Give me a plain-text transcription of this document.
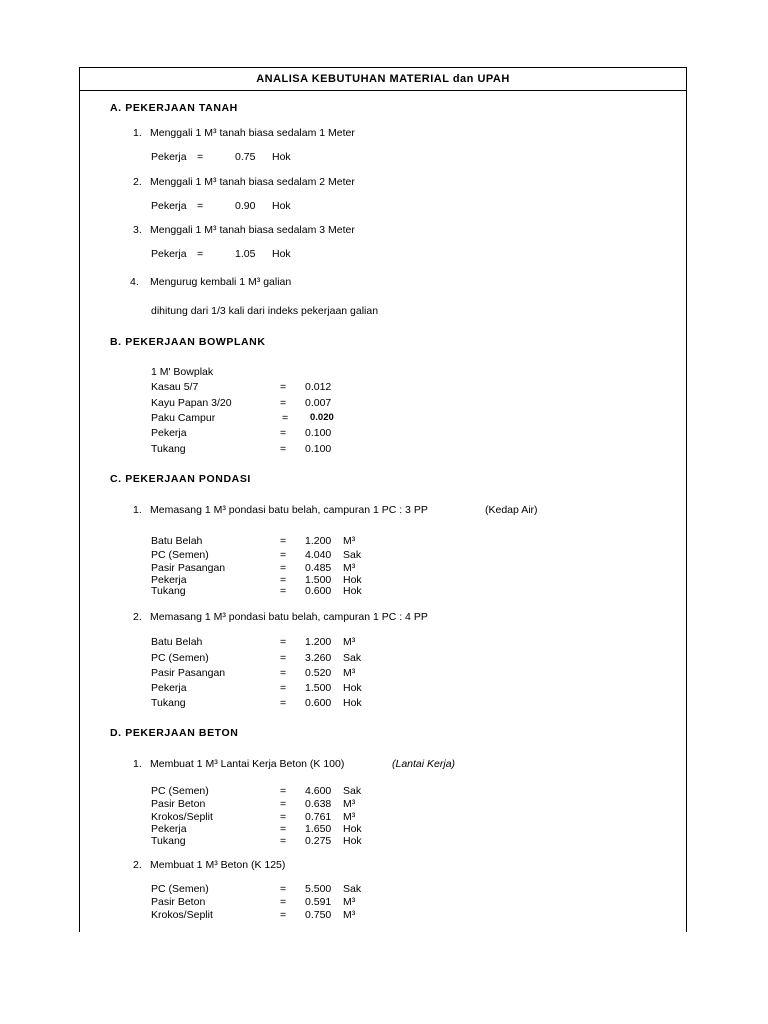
ANALISA KEBUTUHAN MATERIAL dan UPAH
A. PEKERJAAN TANAH
1. Menggali 1 M³ tanah biasa sedalam 1 Meter
Pekerja =	0.75 Hok
2. Menggali 1 M³ tanah biasa sedalam 2 Meter
Pekerja =	0.90 Hok
3. Menggali 1 M³ tanah biasa sedalam 3 Meter
Pekerja =	1.05 Hok
4. Mengurug kembali 1 M³ galian
dihitung dari 1/3 kali dari indeks pekerjaan galian
B. PEKERJAAN BOWPLANK
1 M' Bowplak
Kasau 5/7	= 0.012
Kayu Papan 3/20	= 0.007
Paku Campur	= 0.020
Pekerja	= 0.100
Tukang	= 0.100
C. PEKERJAAN PONDASI
1. Memasang 1 M³ pondasi batu belah, campuran 1 PC : 3 PP	(Kedap Air)
Batu Belah	= 1.200 M³
PC (Semen)	= 4.040 Sak
Pasir Pasangan	= 0.485 M³
Pekerja	= 1.500 Hok
Tukang	= 0.600 Hok
2. Memasang 1 M³ pondasi batu belah, campuran 1 PC : 4 PP
Batu Belah	= 1.200 M³
PC (Semen)	= 3.260 Sak
Pasir Pasangan	= 0.520 M³
Pekerja	= 1.500 Hok
Tukang	= 0.600 Hok
D. PEKERJAAN BETON
1. Membuat 1 M³ Lantai Kerja Beton (K 100)	(Lantai Kerja)
PC (Semen)	= 4.600 Sak
Pasir Beton	= 0.638 M³
Krokos/Seplit	= 0.761 M³
Pekerja	= 1.650 Hok
Tukang	= 0.275 Hok
2. Membuat 1 M³ Beton (K 125)
PC (Semen)	= 5.500 Sak
Pasir Beton	= 0.591 M³
Krokos/Seplit	= 0.750 M³
